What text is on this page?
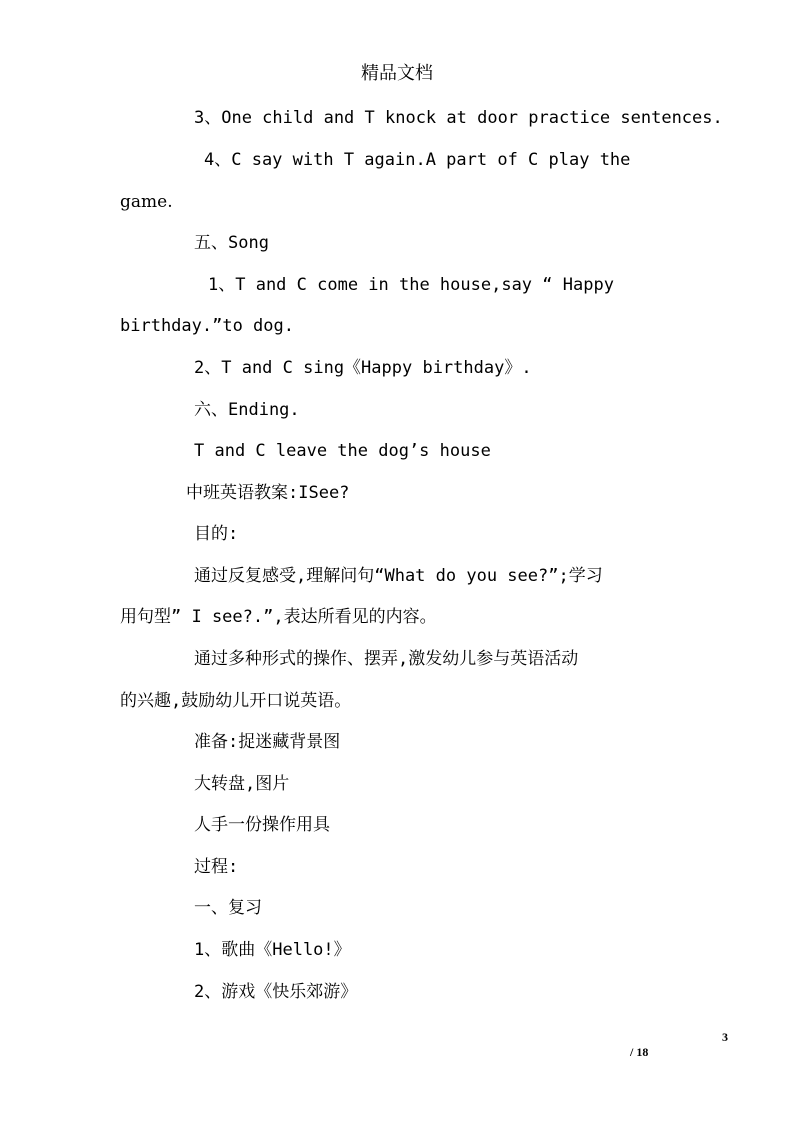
精品文档
3、One child and T knock at door practice sentences.
4、C say with T again.A part of C play the
game.
五、Song
1、T and C come in the house,say “ Happy
birthday.”to dog.
2、T and C sing《Happy birthday》.
六、Ending.
T and C leave the dog’s house
中班英语教案:ISee?
目的:
通过反复感受,理解问句“What do you see?”;学习
用句型” I see?.”,表达所看见的内容。
通过多种形式的操作、摆弄,激发幼儿参与英语活动
的兴趣,鼓励幼儿开口说英语。
准备:捉迷藏背景图
大转盘,图片
人手一份操作用具
过程:
一、复习
1、歌曲《Hello!》
2、游戏《快乐郊游》
3
/ 18
